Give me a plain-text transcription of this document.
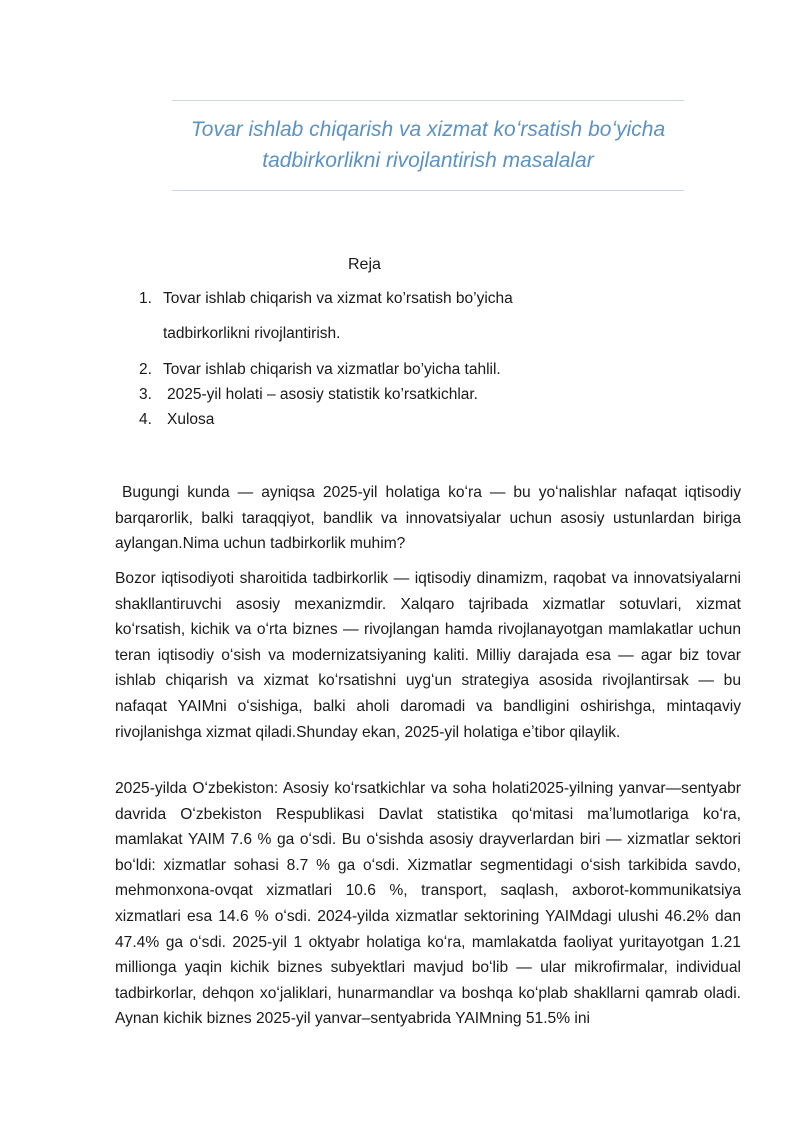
Tovar ishlab chiqarish va xizmat koʻrsatish boʻyicha
tadbirkorlikni rivojlantirish masalalar
Reja
1. Tovar ishlab chiqarish va xizmat ko’rsatish bo’yicha
tadbirkorlikni rivojlantirish.
2. Tovar ishlab chiqarish va xizmatlar bo’yicha tahlil.
3. 2025-yil holati – asosiy statistik ko’rsatkichlar.
4. Xulosa
Bugungi kunda — ayniqsa 2025-yil holatiga koʻra — bu yoʻnalishlar nafaqat iqtisodiy barqarorlik, balki taraqqiyot, bandlik va innovatsiyalar uchun asosiy ustunlardan biriga aylangan.Nima uchun tadbirkorlik muhim?
Bozor iqtisodiyoti sharoitida tadbirkorlik — iqtisodiy dinamizm, raqobat va innovatsiyalarni shakllantiruvchi asosiy mexanizmdir. Xalqaro tajribada xizmatlar sotuvlari, xizmat koʻrsatish, kichik va oʻrta biznes — rivojlangan hamda rivojlanayotgan mamlakatlar uchun teran iqtisodiy oʻsish va modernizatsiyaning kaliti. Milliy darajada esa — agar biz tovar ishlab chiqarish va xizmat koʻrsatishni uygʻun strategiya asosida rivojlantirsak — bu nafaqat YAIMni oʻsishiga, balki aholi daromadi va bandligini oshirishga, mintaqaviy rivojlanishga xizmat qiladi.Shunday ekan, 2025-yil holatiga eʼtibor qilaylik.
2025-yilda Oʻzbekiston: Asosiy koʻrsatkichlar va soha holati2025-yilning yanvar—sentyabr davrida Oʻzbekiston Respublikasi Davlat statistika qoʻmitasi maʼlumotlariga koʻra, mamlakat YAIM 7.6 % ga oʻsdi. Bu oʻsishda asosiy drayverlardan biri — xizmatlar sektori boʻldi: xizmatlar sohasi 8.7 % ga oʻsdi. Xizmatlar segmentidagi oʻsish tarkibida savdo, mehmonxona-ovqat xizmatlari 10.6 %, transport, saqlash, axborot-kommunikatsiya xizmatlari esa 14.6 % oʻsdi. 2024-yilda xizmatlar sektorining YAIMdagi ulushi 46.2% dan 47.4% ga oʻsdi. 2025-yil 1 oktyabr holatiga koʻra, mamlakatda faoliyat yuritayotgan 1.21 millionga yaqin kichik biznes subyektlari mavjud boʻlib — ular mikrofirmalar, individual tadbirkorlar, dehqon xoʻjaliklari, hunarmandlar va boshqa koʻplab shakllarni qamrab oladi. Aynan kichik biznes 2025-yil yanvar–sentyabrida YAIMning 51.5% ini
